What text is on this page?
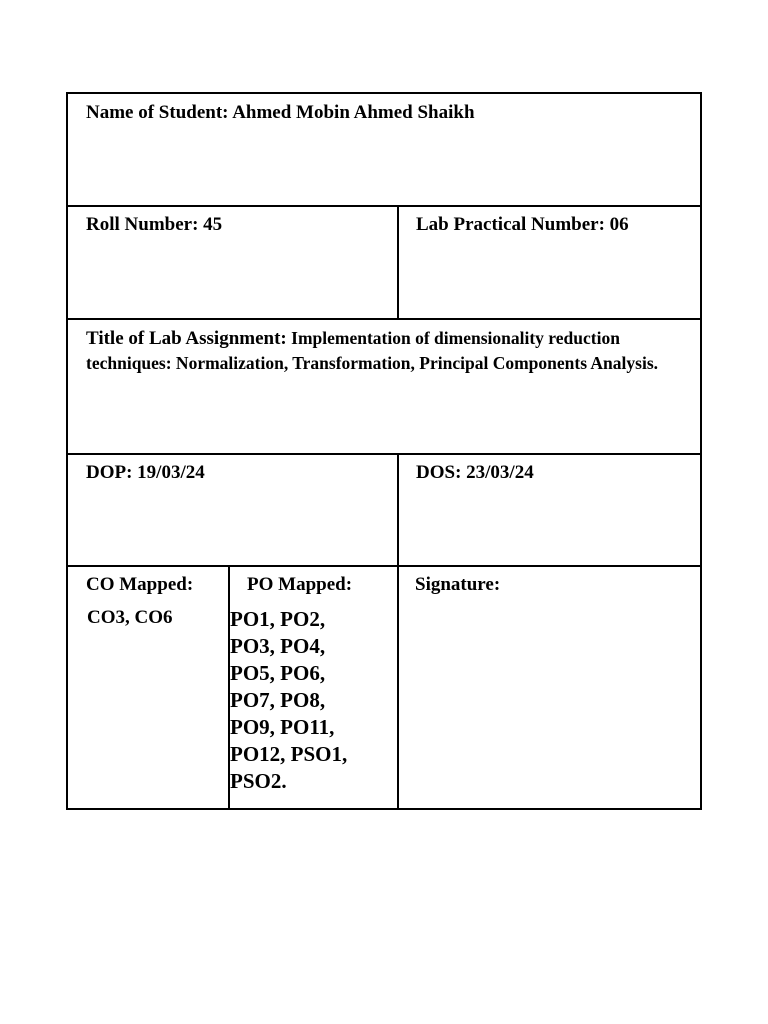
Name of Student: Ahmed Mobin Ahmed Shaikh
Roll Number: 45	Lab Practical Number: 06
Title of Lab Assignment: Implementation of dimensionality reduction techniques: Normalization, Transformation, Principal Components Analysis.
DOP: 19/03/24	DOS: 23/03/24
CO Mapped:
CO3, CO6
PO Mapped:
PO1, PO2,
PO3, PO4,
PO5, PO6,
PO7, PO8,
PO9, PO11,
PO12, PSO1,
PSO2.
Signature:
